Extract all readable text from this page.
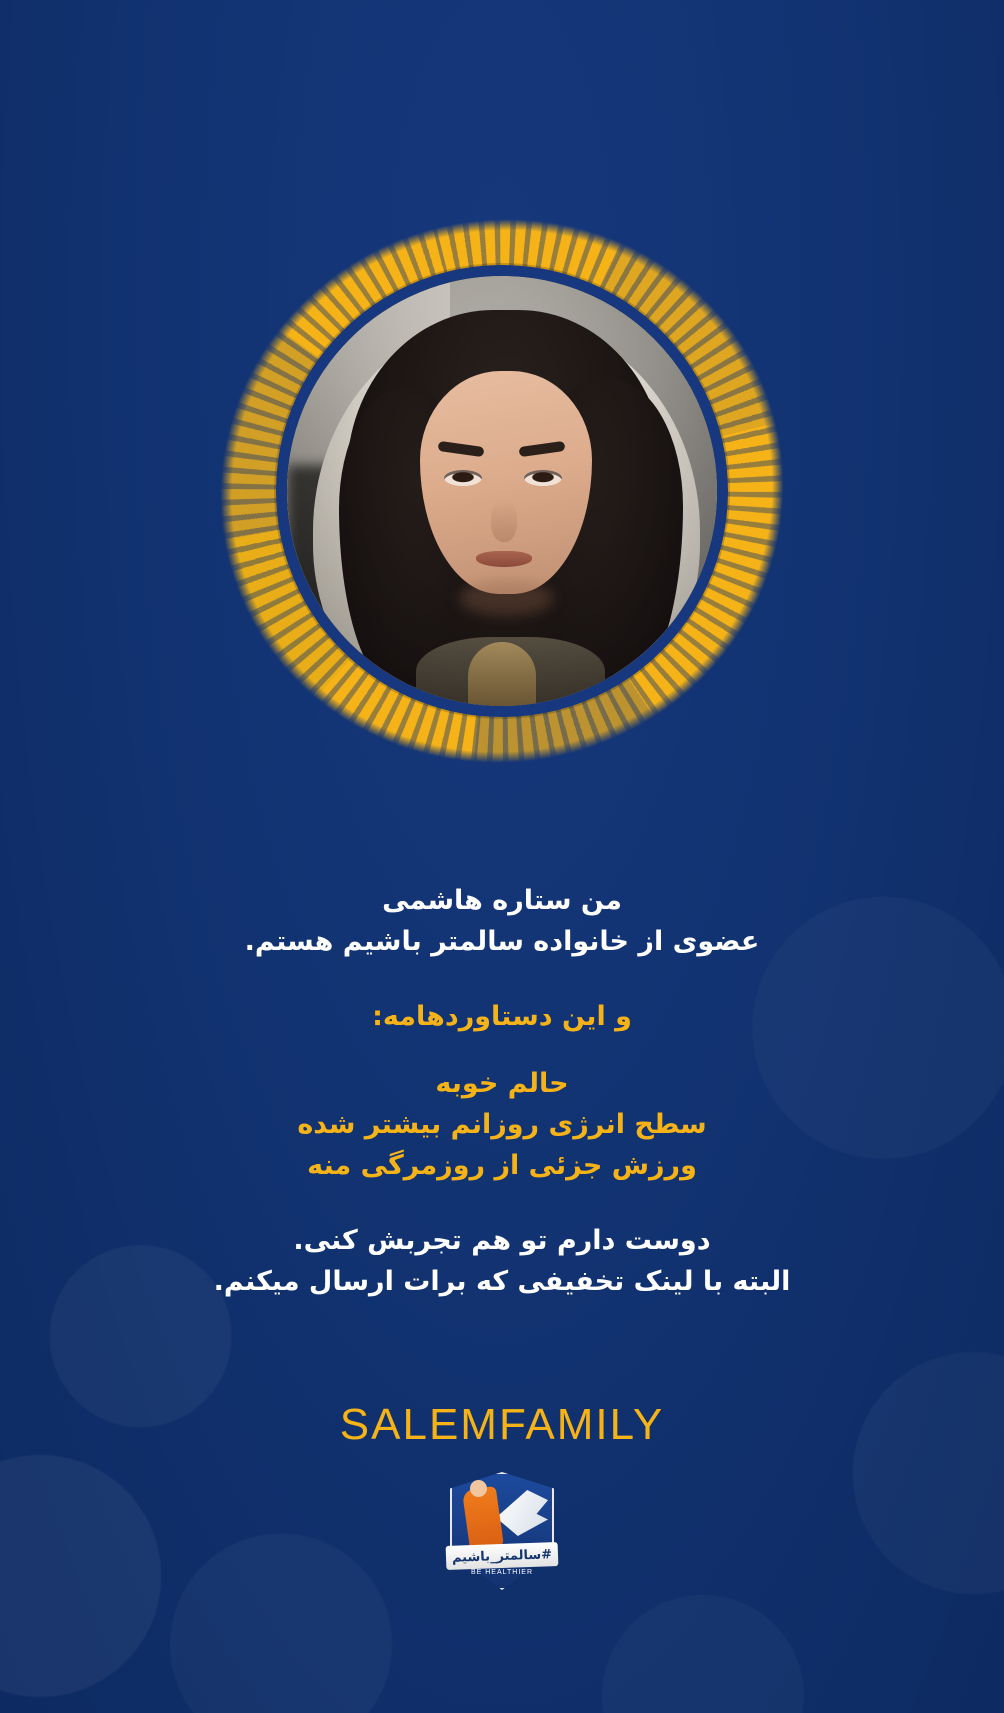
من ستاره هاشمی
عضوی از خانواده سالمتر باشیم هستم.
و این دستاوردهامه:
حالم خوبه
سطح انرژی روزانم بیشتر شده
ورزش جزئی از روزمرگی منه
دوست دارم تو هم تجربش کنی.
البته با لینک تخفیفی که برات ارسال میکنم.
SALEMFAMILY
#سالمتر_باشیم
BE HEALTHIER
